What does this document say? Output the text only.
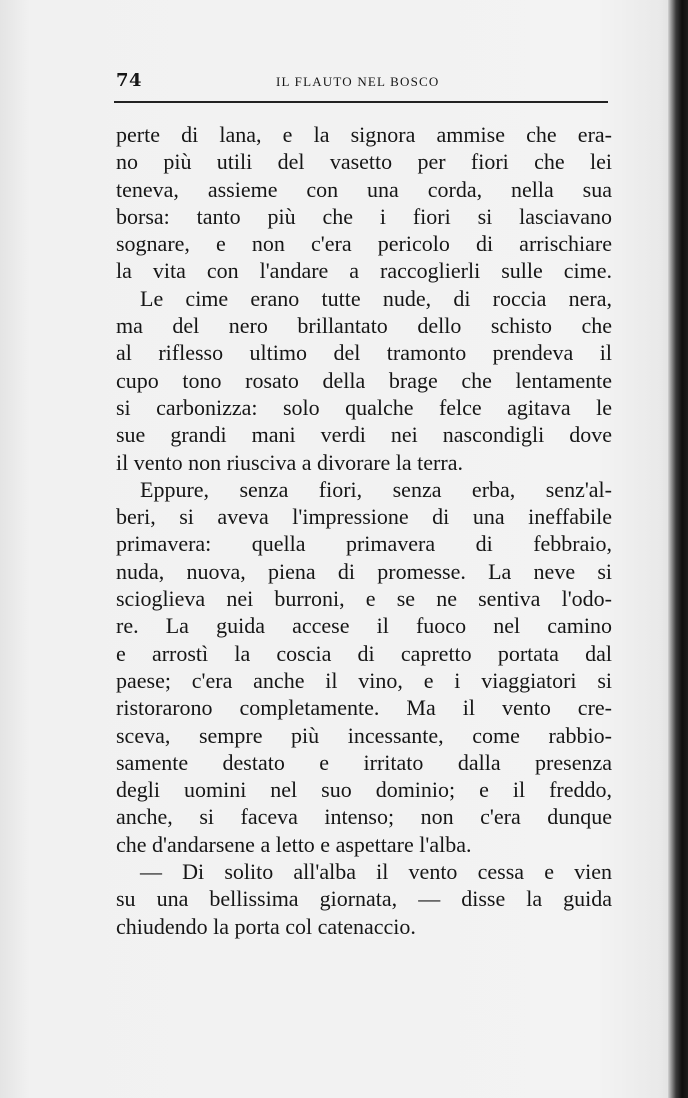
74	IL FLAUTO NEL BOSCO
perte di lana, e la signora ammise che era-
no più utili del vasetto per fiori che lei
teneva, assieme con una corda, nella sua
borsa: tanto più che i fiori si lasciavano
sognare, e non c'era pericolo di arrischiare
la vita con l'andare a raccoglierli sulle cime.
Le cime erano tutte nude, di roccia nera,
ma del nero brillantato dello schisto che
al riflesso ultimo del tramonto prendeva il
cupo tono rosato della brage che lentamente
si carbonizza: solo qualche felce agitava le
sue grandi mani verdi nei nascondigli dove
il vento non riusciva a divorare la terra.
Eppure, senza fiori, senza erba, senz'al-
beri, si aveva l'impressione di una ineffabile
primavera: quella primavera di febbraio,
nuda, nuova, piena di promesse. La neve si
scioglieva nei burroni, e se ne sentiva l'odo-
re. La guida accese il fuoco nel camino
e arrostì la coscia di capretto portata dal
paese; c'era anche il vino, e i viaggiatori si
ristorarono completamente. Ma il vento cre-
sceva, sempre più incessante, come rabbio-
samente destato e irritato dalla presenza
degli uomini nel suo dominio; e il freddo,
anche, si faceva intenso; non c'era dunque
che d'andarsene a letto e aspettare l'alba.
— Di solito all'alba il vento cessa e vien
su una bellissima giornata, — disse la guida
chiudendo la porta col catenaccio.
